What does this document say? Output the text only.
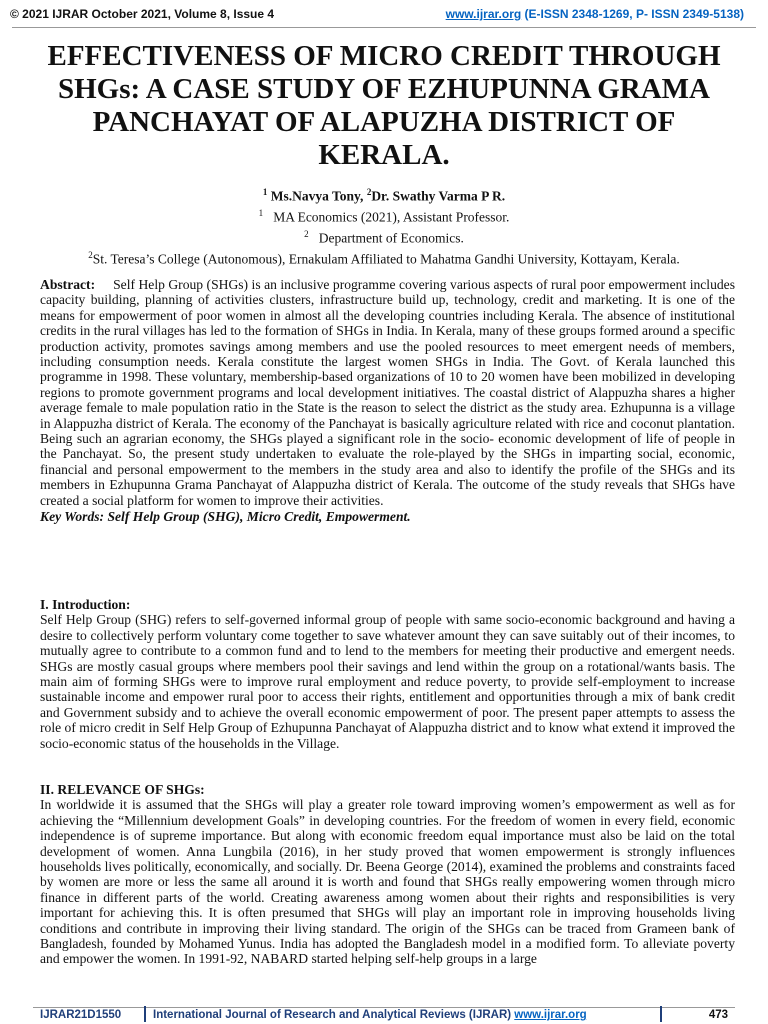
© 2021 IJRAR October 2021, Volume 8, Issue 4	www.ijrar.org (E-ISSN 2348-1269, P- ISSN 2349-5138)
EFFECTIVENESS OF MICRO CREDIT THROUGH SHGs: A CASE STUDY OF EZHUPUNNA GRAMA PANCHAYAT OF ALAPUZHA DISTRICT OF KERALA.
$^1$ Ms.Navya Tony, $^2$Dr. Swathy Varma P R.
$^1$ MA Economics (2021), Assistant Professor.
$^2$ Department of Economics.
$^2$St. Teresa’s College (Autonomous), Ernakulam Affiliated to Mahatma Gandhi University, Kottayam, Kerala.
Abstract: Self Help Group (SHGs) is an inclusive programme covering various aspects of rural poor empowerment includes capacity building, planning of activities clusters, infrastructure build up, technology, credit and marketing. It is one of the means for empowerment of poor women in almost all the developing countries including Kerala. The absence of institutional credits in the rural villages has led to the formation of SHGs in India. In Kerala, many of these groups formed around a specific production activity, promotes savings among members and use the pooled resources to meet emergent needs of members, including consumption needs. Kerala constitute the largest women SHGs in India. The Govt. of Kerala launched this programme in 1998. These voluntary, membership-based organizations of 10 to 20 women have been mobilized in developing regions to promote government programs and local development initiatives. The coastal district of Alappuzha shares a higher average female to male population ratio in the State is the reason to select the district as the study area. Ezhupunna is a village in Alappuzha district of Kerala. The economy of the Panchayat is basically agriculture related with rice and coconut plantation. Being such an agrarian economy, the SHGs played a significant role in the socio- economic development of life of people in the Panchayat. So, the present study undertaken to evaluate the role-played by the SHGs in imparting social, economic, financial and personal empowerment to the members in the study area and also to identify the profile of the SHGs and its members in Ezhupunna Grama Panchayat of Alappuzha district of Kerala. The outcome of the study reveals that SHGs have created a social platform for women to improve their activities.
Key Words: Self Help Group (SHG), Micro Credit, Empowerment.
I. Introduction:
Self Help Group (SHG) refers to self-governed informal group of people with same socio-economic background and having a desire to collectively perform voluntary come together to save whatever amount they can save suitably out of their incomes, to mutually agree to contribute to a common fund and to lend to the members for meeting their productive and emergent needs. SHGs are mostly casual groups where members pool their savings and lend within the group on a rotational/wants basis. The main aim of forming SHGs were to improve rural employment and reduce poverty, to provide self-employment to increase sustainable income and empower rural poor to access their rights, entitlement and opportunities through a mix of bank credit and Government subsidy and to achieve the overall economic empowerment of poor. The present paper attempts to assess the role of micro credit in Self Help Group of Ezhupunna Panchayat of Alappuzha district and to know what extend it improved the socio-economic status of the households in the Village.
II. RELEVANCE OF SHGs:
In worldwide it is assumed that the SHGs will play a greater role toward improving women’s empowerment as well as for achieving the “Millennium development Goals” in developing countries. For the freedom of women in every field, economic independence is of supreme importance. But along with economic freedom equal importance must also be laid on the total development of women. Anna Lungbila (2016), in her study proved that women empowerment is strongly influences households lives politically, economically, and socially. Dr. Beena George (2014), examined the problems and constraints faced by women are more or less the same all around it is worth and found that SHGs really empowering women through micro finance in different parts of the world. Creating awareness among women about their rights and responsibilities is very important for achieving this. It is often presumed that SHGs will play an important role in improving households living conditions and contribute in improving their living standard. The origin of the SHGs can be traced from Grameen bank of Bangladesh, founded by Mohamed Yunus. India has adopted the Bangladesh model in a modified form. To alleviate poverty and empower the women. In 1991-92, NABARD started helping self-help groups in a large
IJRAR21D1550	International Journal of Research and Analytical Reviews (IJRAR) www.ijrar.org	473
